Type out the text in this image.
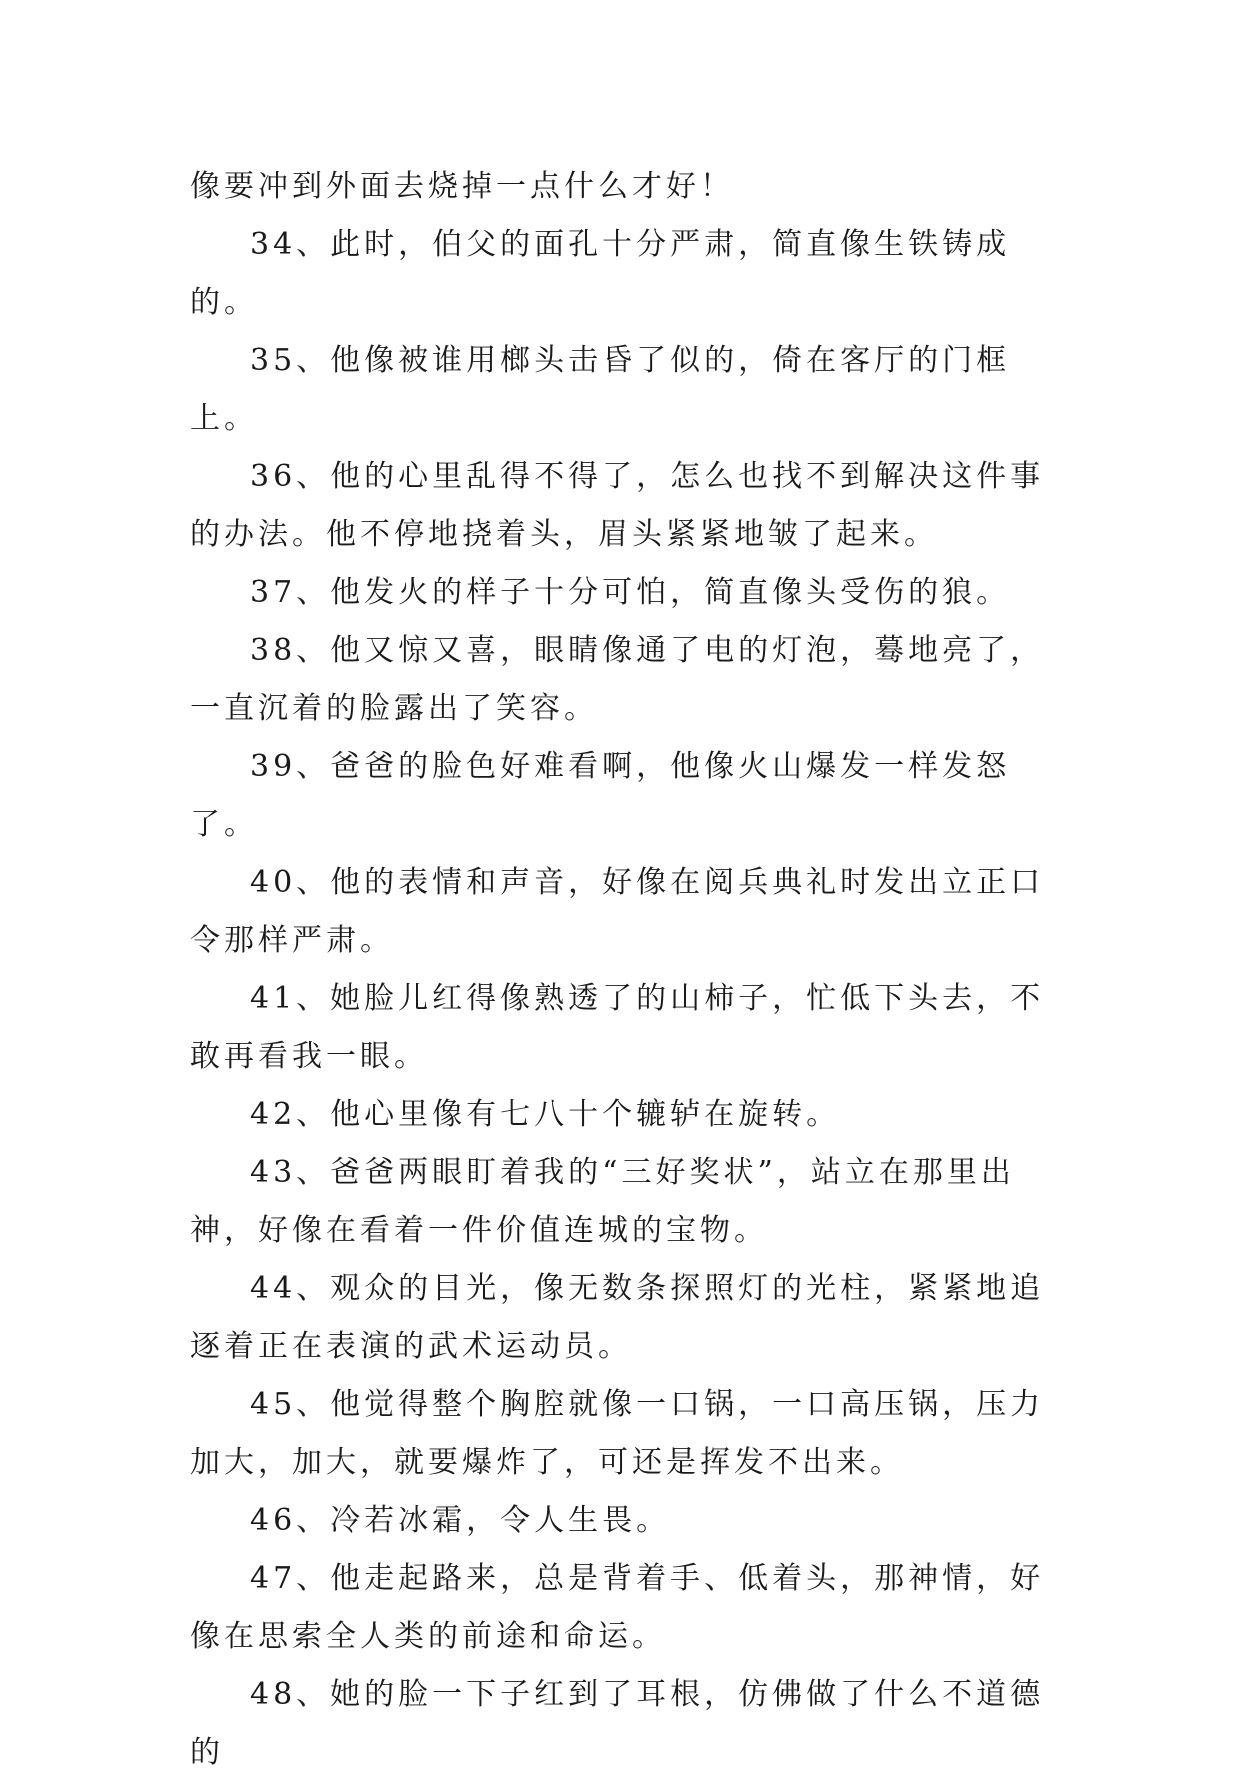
像要冲到外面去烧掉一点什么才好！

34、此时，伯父的面孔十分严肃，简直像生铁铸成的。

35、他像被谁用榔头击昏了似的，倚在客厅的门框上。

36、他的心里乱得不得了，怎么也找不到解决这件事的办法。他不停地挠着头，眉头紧紧地皱了起来。

37、他发火的样子十分可怕，简直像头受伤的狼。

38、他又惊又喜，眼睛像通了电的灯泡，蓦地亮了，一直沉着的脸露出了笑容。

39、爸爸的脸色好难看啊，他像火山爆发一样发怒了。

40、他的表情和声音，好像在阅兵典礼时发出立正口令那样严肃。

41、她脸儿红得像熟透了的山柿子，忙低下头去，不敢再看我一眼。

42、他心里像有七八十个辘轳在旋转。

43、爸爸两眼盯着我的“三好奖状”，站立在那里出神，好像在看着一件价值连城的宝物。

44、观众的目光，像无数条探照灯的光柱，紧紧地追逐着正在表演的武术运动员。

45、他觉得整个胸腔就像一口锅，一口高压锅，压力加大，加大，就要爆炸了，可还是挥发不出来。

46、冷若冰霜，令人生畏。

47、他走起路来，总是背着手、低着头，那神情，好像在思索全人类的前途和命运。

48、她的脸一下子红到了耳根，仿佛做了什么不道德的
